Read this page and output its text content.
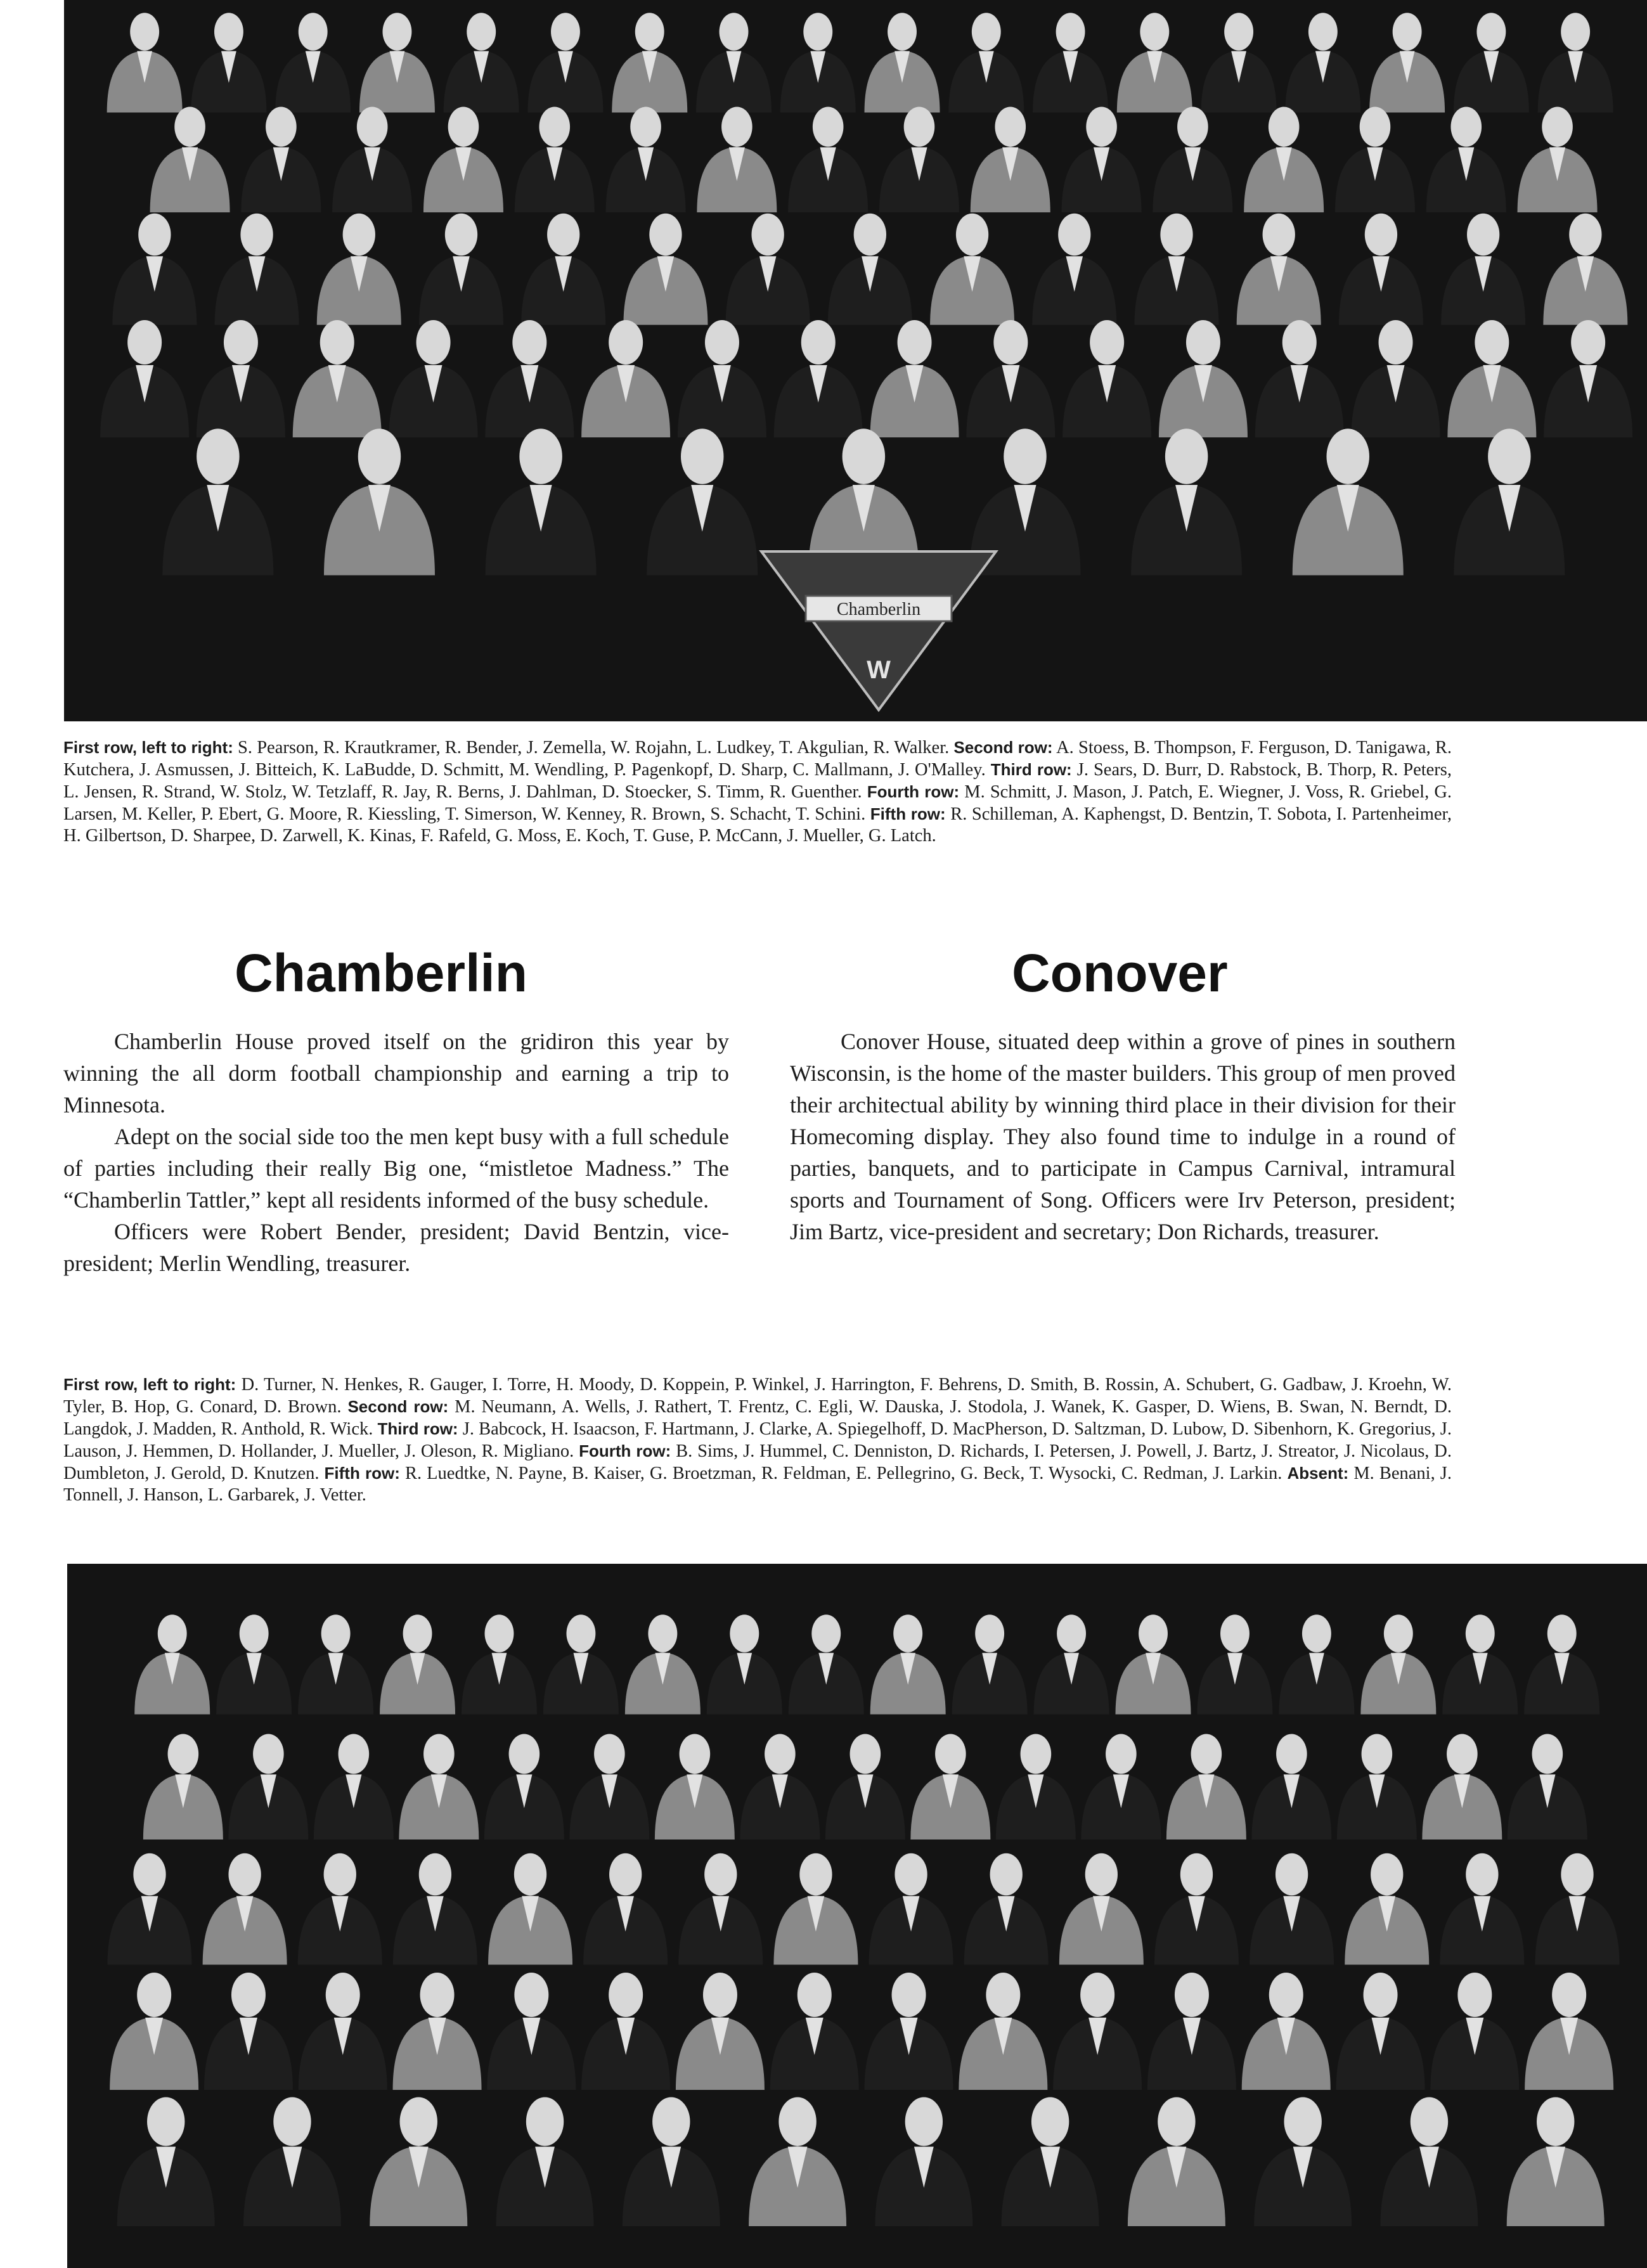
Chamberlin
W
First row, left to right: S. Pearson, R. Krautkramer, R. Bender, J. Zemella, W. Rojahn, L. Ludkey, T. Akgulian, R. Walker. Second row: A. Stoess, B. Thompson, F. Ferguson, D. Tanigawa, R. Kutchera, J. Asmussen, J. Bitteich, K. LaBudde, D. Schmitt, M. Wendling, P. Pagenkopf, D. Sharp, C. Mallmann, J. O'Malley. Third row: J. Sears, D. Burr, D. Rabstock, B. Thorp, R. Peters, L. Jensen, R. Strand, W. Stolz, W. Tetzlaff, R. Jay, R. Berns, J. Dahlman, D. Stoecker, S. Timm, R. Guenther. Fourth row: M. Schmitt, J. Mason, J. Patch, E. Wiegner, J. Voss, R. Griebel, G. Larsen, M. Keller, P. Ebert, G. Moore, R. Kiessling, T. Simerson, W. Kenney, R. Brown, S. Schacht, T. Schini. Fifth row: R. Schilleman, A. Kaphengst, D. Bentzin, T. Sobota, I. Partenheimer, H. Gilbertson, D. Sharpee, D. Zarwell, K. Kinas, F. Rafeld, G. Moss, E. Koch, T. Guse, P. McCann, J. Mueller, G. Latch.
Chamberlin	Conover

Chamberlin House proved itself on the gridiron this year by winning the all dorm football championship and earning a trip to Minnesota.

Adept on the social side too the men kept busy with a full schedule of parties including their really Big one, “mistletoe Madness.” The “Chamberlin Tattler,” kept all residents informed of the busy schedule.

Officers were Robert Bender, president; David Bentzin, vice-president; Merlin Wendling, treasurer.

Conover House, situated deep within a grove of pines in southern Wisconsin, is the home of the master builders. This group of men proved their architectual ability by winning third place in their division for their Homecoming display. They also found time to indulge in a round of parties, banquets, and to participate in Campus Carnival, intramural sports and Tournament of Song. Officers were Irv Peterson, president; Jim Bartz, vice-president and secretary; Don Richards, treasurer.

First row, left to right: D. Turner, N. Henkes, R. Gauger, I. Torre, H. Moody, D. Koppein, P. Winkel, J. Harrington, F. Behrens, D. Smith, B. Rossin, A. Schubert, G. Gadbaw, J. Kroehn, W. Tyler, B. Hop, G. Conard, D. Brown. Second row: M. Neumann, A. Wells, J. Rathert, T. Frentz, C. Egli, W. Dauska, J. Stodola, J. Wanek, K. Gasper, D. Wiens, B. Swan, N. Berndt, D. Langdok, J. Madden, R. Anthold, R. Wick. Third row: J. Babcock, H. Isaacson, F. Hartmann, J. Clarke, A. Spiegelhoff, D. MacPherson, D. Saltzman, D. Lubow, D. Sibenhorn, K. Gregorius, J. Lauson, J. Hemmen, D. Hollander, J. Mueller, J. Oleson, R. Migliano. Fourth row: B. Sims, J. Hummel, C. Denniston, D. Richards, I. Petersen, J. Powell, J. Bartz, J. Streator, J. Nicolaus, D. Dumbleton, J. Gerold, D. Knutzen. Fifth row: R. Luedtke, N. Payne, B. Kaiser, G. Broetzman, R. Feldman, E. Pellegrino, G. Beck, T. Wysocki, C. Redman, J. Larkin. Absent: M. Benani, J. Tonnell, J. Hanson, L. Garbarek, J. Vetter.
